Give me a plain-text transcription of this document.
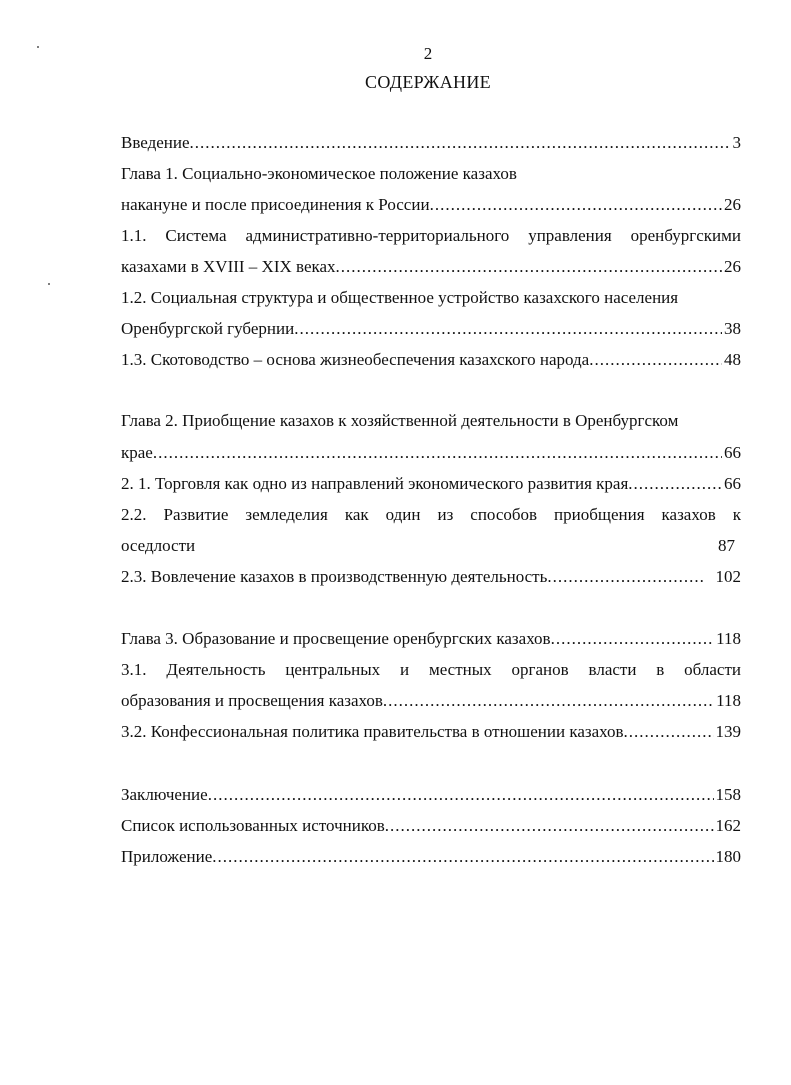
2
СОДЕРЖАНИЕ
Введение .....	3
Глава 1. Социально-экономическое положение казахов
накануне и после присоединения к России .....	26
1.1. Система административно-территориального управления оренбургскими
казахами в XVIII – XIX веках .....	26
1.2. Социальная структура и общественное устройство казахского населения
Оренбургской губернии .....	38
1.3. Скотоводство – основа жизнеобеспечения казахского народа .....	48
Глава 2. Приобщение казахов к хозяйственной деятельности в Оренбургском
крае .....	66
2. 1. Торговля как одно из направлений экономического развития края .....	66
2.2. Развитие земледелия как один из способов приобщения казахов к
оседлости	87
2.3. Вовлечение казахов в производственную деятельность .....	102
Глава 3. Образование и просвещение оренбургских казахов .....	118
3.1. Деятельность центральных и местных органов власти в области
образования и просвещения казахов .....	118
3.2. Конфессиональная политика правительства в отношении казахов .....	139
Заключение .....	158
Список использованных источников .....	162
Приложение .....	180
